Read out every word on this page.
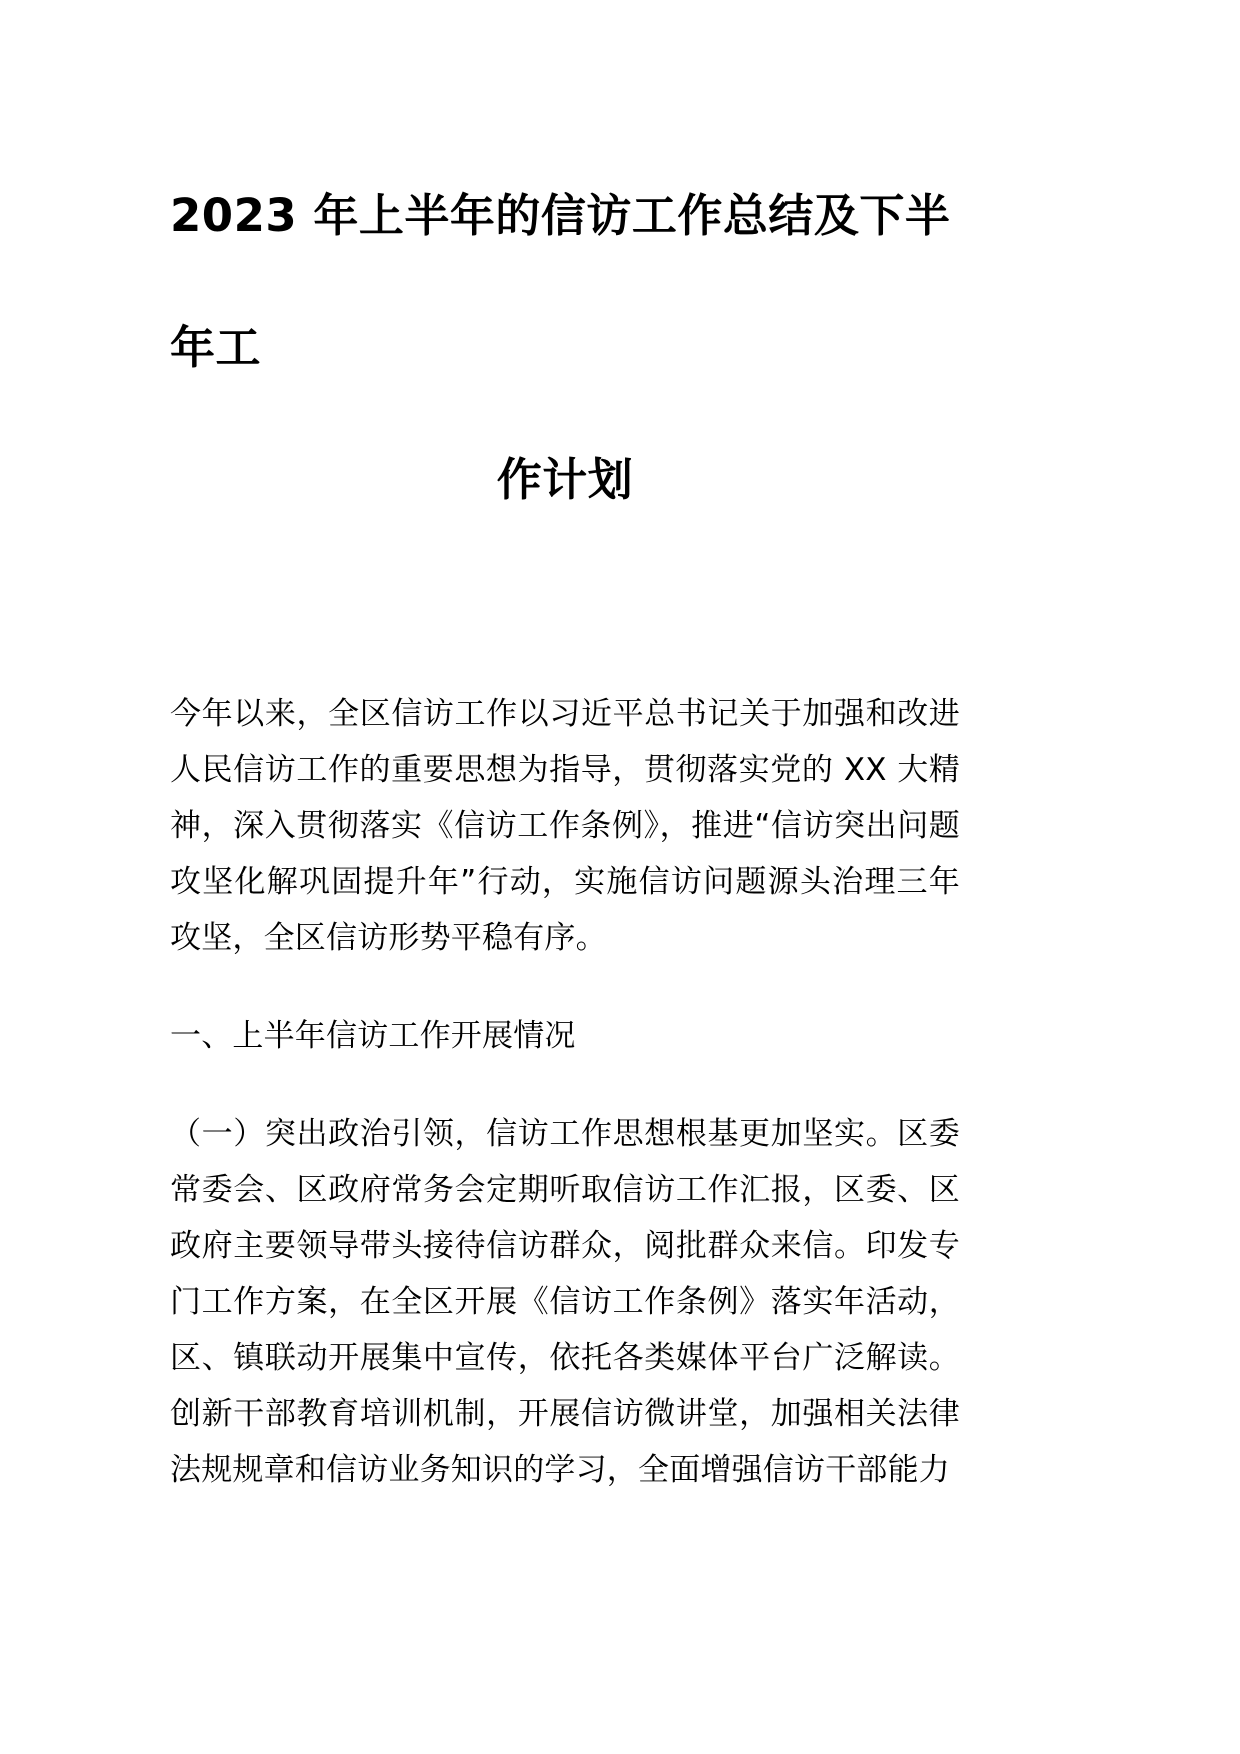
2023 年上半年的信访工作总结及下半年工
作计划

今年以来，全区信访工作以习近平总书记关于加强和改进人民信访工作的重要思想为指导，贯彻落实党的 XX 大精神，深入贯彻落实《信访工作条例》，推进“信访突出问题攻坚化解巩固提升年”行动，实施信访问题源头治理三年攻坚，全区信访形势平稳有序。

一、上半年信访工作开展情况

（一）突出政治引领，信访工作思想根基更加坚实。区委常委会、区政府常务会定期听取信访工作汇报，区委、区政府主要领导带头接待信访群众，阅批群众来信。印发专门工作方案，在全区开展《信访工作条例》落实年活动，区、镇联动开展集中宣传，依托各类媒体平台广泛解读。创新干部教育培训机制，开展信访微讲堂，加强相关法律法规规章和信访业务知识的学习，全面增强信访干部能力
